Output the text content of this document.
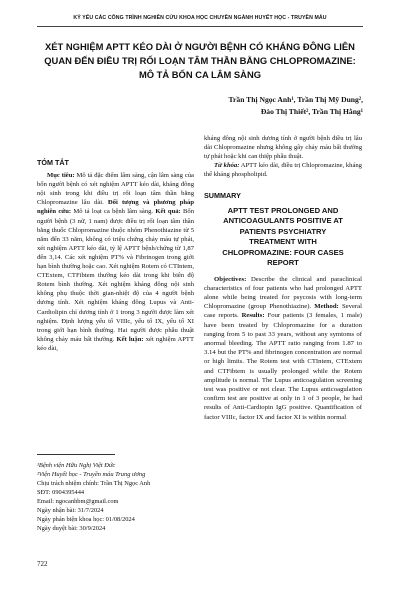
KỶ YẾU CÁC CÔNG TRÌNH NGHIÊN CỨU KHOA HỌC CHUYÊN NGÀNH HUYẾT HỌC - TRUYỀN MÁU
XÉT NGHIỆM APTT KÉO DÀI Ở NGƯỜI BỆNH CÓ KHÁNG ĐÔNG LIÊN
QUAN ĐẾN ĐIỀU TRỊ RỐI LOẠN TÂM THẦN BẰNG CHLOPROMAZINE:
MÔ TẢ BỐN CA LÂM SÀNG
Trần Thị Ngọc Anh¹, Trần Thị Mỹ Dung²,
Đào Thị Thiết², Trần Thị Hằng¹
TÓM TẮT

Mục tiêu: Mô tả đặc điểm lâm sàng, cận lâm sàng của bốn người bệnh có xét nghiệm APTT kéo dài, kháng đông nội sinh trong khi điều trị rối loạn tâm thần bằng Chlopromazine lâu dài. Đối tượng và phương pháp nghiên cứu: Mô tả loạt ca bệnh lâm sàng. Kết quả: Bốn người bệnh (3 nữ, 1 nam) được điều trị rối loạn tâm thần bằng thuốc Chlopromazine thuộc nhóm Phenothiazine từ 5 năm đến 33 năm, không có triệu chứng chảy máu tự phát, xét nghiệm APTT kéo dài, tỷ lệ APTT bệnh/chứng từ 1,87 đến 3,14. Các xét nghiệm PT% và Fibrinogen trong giới hạn bình thường hoặc cao. Xét nghiệm Rotem có CTIntem, CTExtem, CTFibtem thường kéo dài trong khi biên độ Rotem bình thường. Xét nghiệm kháng đông nội sinh không phụ thuộc thời gian-nhiệt độ của 4 người bệnh dương tính. Xét nghiệm kháng đông Lupus và Anti-Cardiolipin chỉ dương tính ở 1 trong 3 người được làm xét nghiệm. Định lượng yếu tố VIIIc, yếu tố IX, yếu tố XI trong giới hạn bình thường. Hai người được phẫu thuật không chảy máu bất thường. Kết luận: xét nghiệm APTT kéo dài,

kháng đông nội sinh dương tính ở người bệnh điều trị lâu dài Chlopromazine nhưng không gây chảy máu bất thường tự phát hoặc khi can thiệp phẫu thuật.

Từ khóa: APTT kéo dài, điều trị Chlopromazine, kháng thể kháng phospholipid.

SUMMARY
APTT TEST PROLONGED AND
ANTICOAGULANTS POSITIVE AT
PATIENTS PSYCHIATRY
TREATMENT WITH
CHLOPROMAZINE: FOUR CASES
REPORT

Objectives: Describe the clinical and paraclinical characteristics of four patients who had prolonged APTT alone while being treated for psycosis with long-term Chlopromazine (group Phenothiazine). Method: Several case reports. Results: Four patients (3 females, 1 male) have been treated by Chlopromazine for a duration ranging from 5 to past 33 years, without any symtoms of anormal bleeding. The APTT ratio ranging from 1.87 to 3.14 but the PT% and fibrinogen concentration are normal or high limits. The Rotem test with CTIntem, CTExtem and CTFibtem is usually prolonged while the Rotem amplitude is normal. The Lupus anticoagulation screening test was positive or not clear. The Lupus anticoagulation confirm test are positive at only in 1 of 3 people, he had results of Anti-Cardiopin IgG positive. Quantification of factor VIIIc, factor IX and factor XI is within normal

¹Bệnh viện Hữu Nghị Việt Đức
²Viện Huyết học - Truyền máu Trung ương
Chịu trách nhiệm chính: Trần Thị Ngọc Anh
SĐT: 0904395444
Email: ngocanhbm@gmail.com
Ngày nhận bài: 31/7/2024
Ngày phản biện khoa học: 01/08/2024
Ngày duyệt bài: 30/9/2024
722
